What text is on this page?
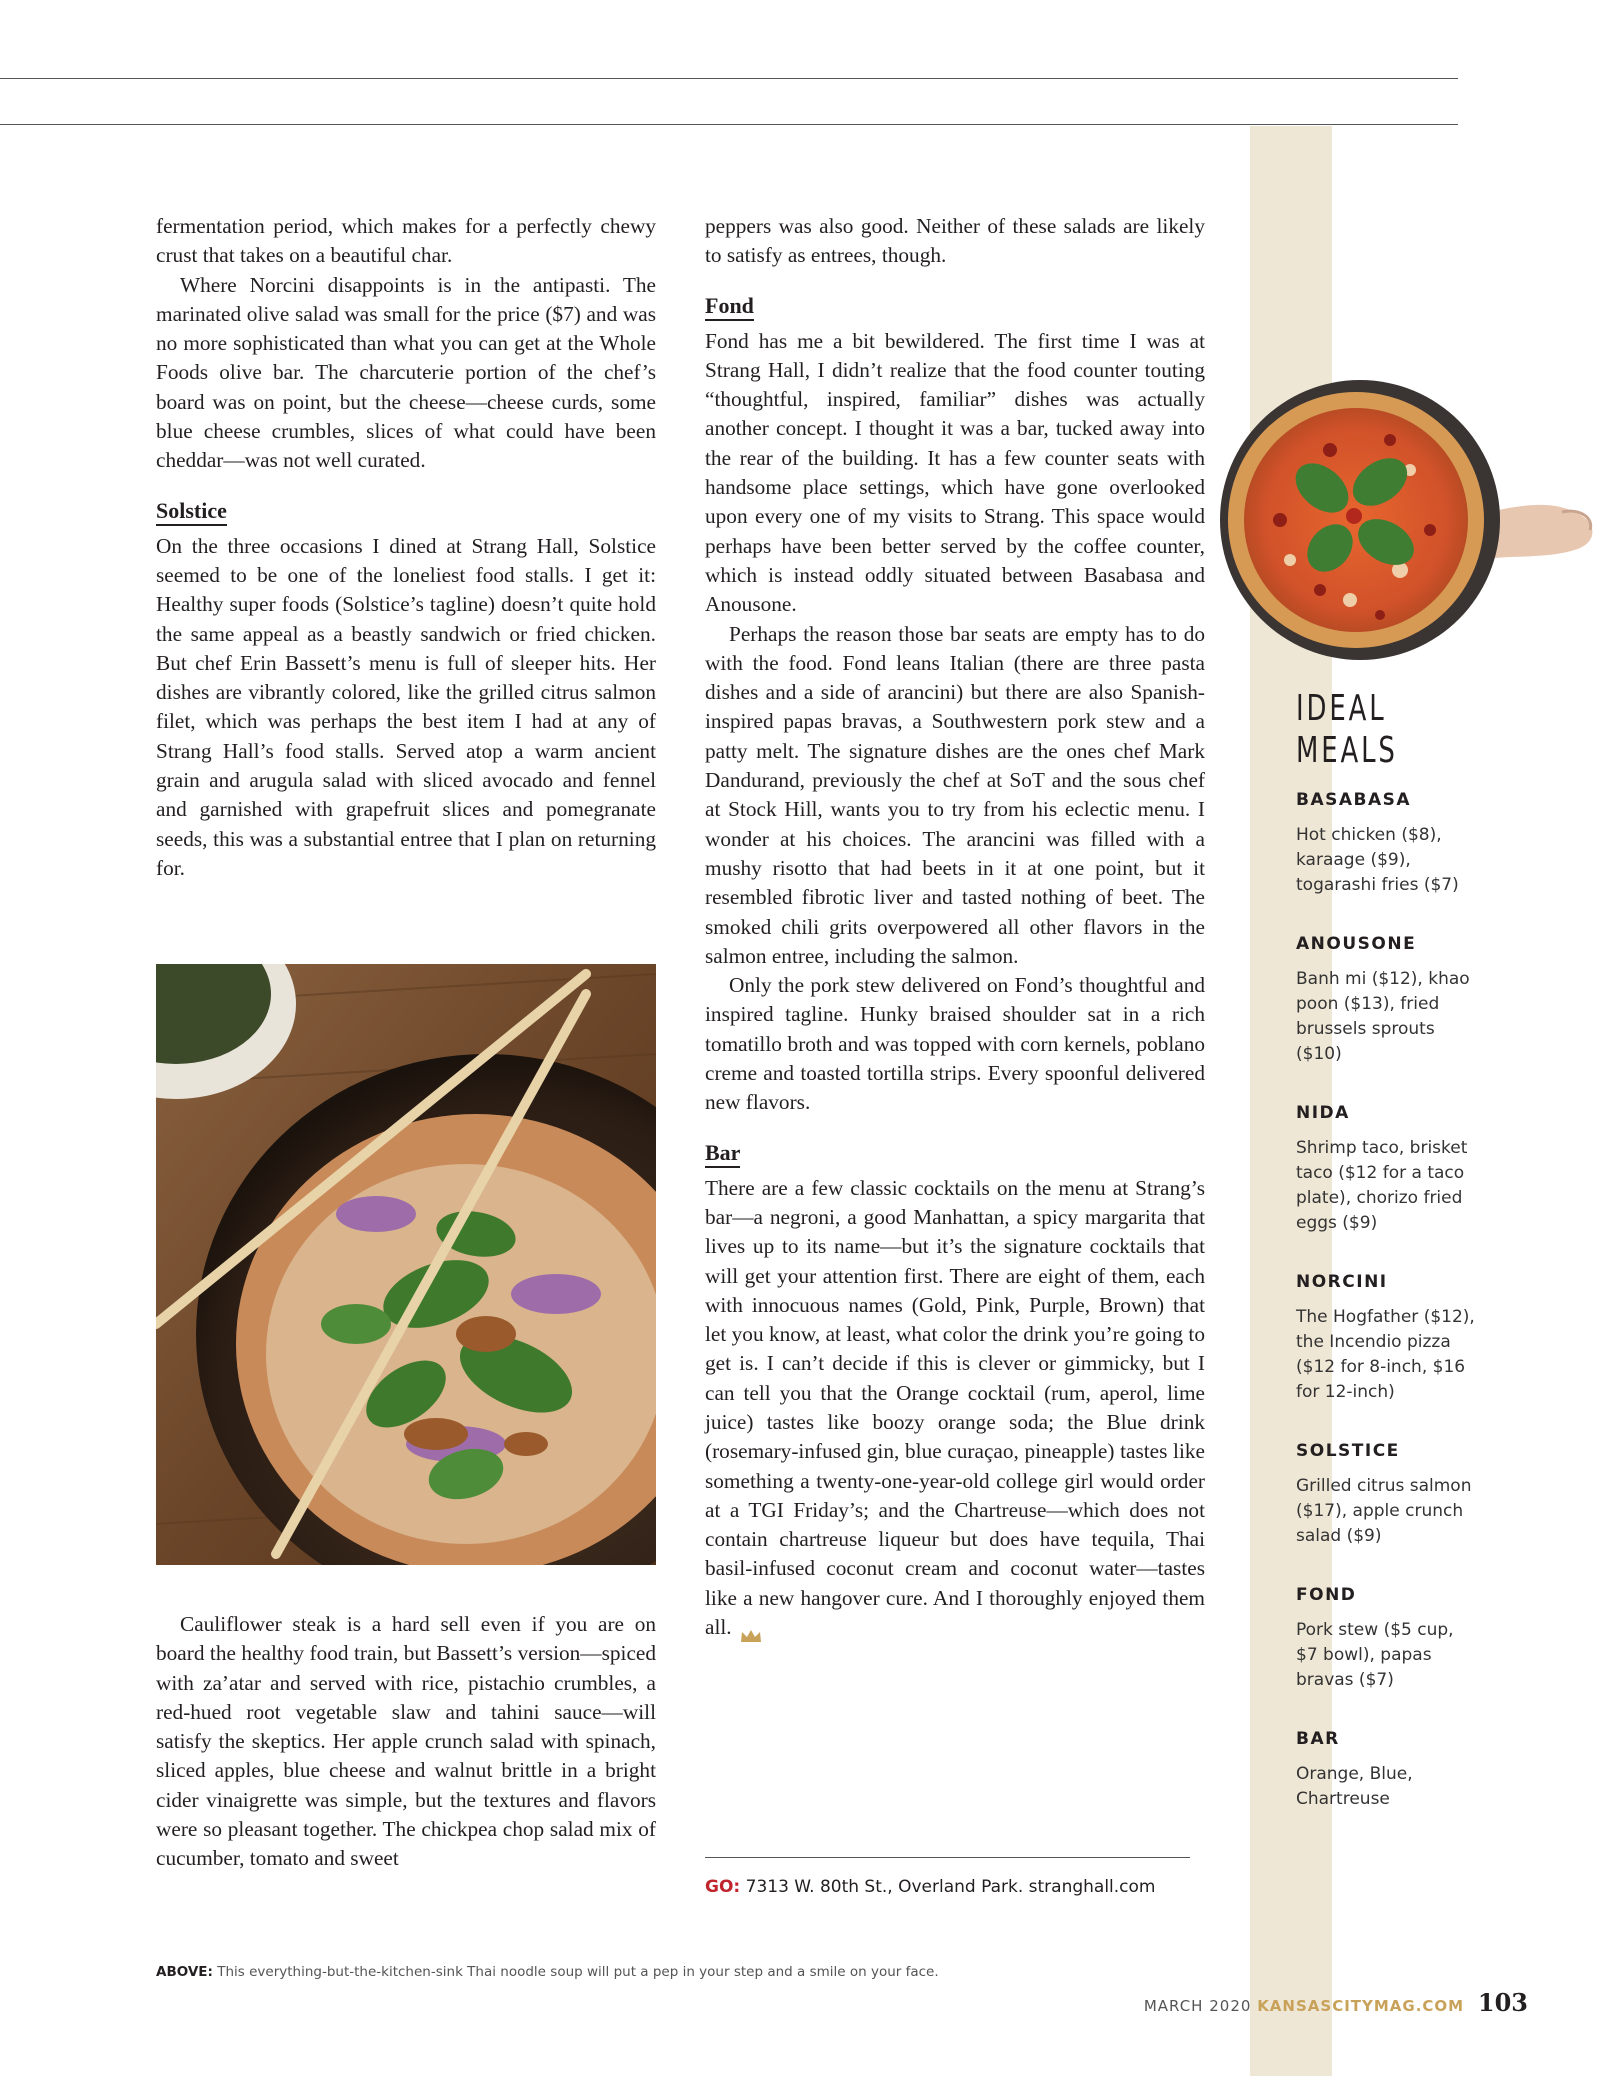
fermentation period, which makes for a perfectly chewy crust that takes on a beautiful char.

Where Norcini disappoints is in the antipasti. The marinated olive salad was small for the price ($7) and was no more sophisticated than what you can get at the Whole Foods olive bar. The charcuterie portion of the chef’s board was on point, but the cheese—cheese curds, some blue cheese crumbles, slices of what could have been cheddar—was not well curated.

Solstice

On the three occasions I dined at Strang Hall, Solstice seemed to be one of the loneliest food stalls. I get it: Healthy super foods (Solstice’s tagline) doesn’t quite hold the same appeal as a beastly sandwich or fried chicken. But chef Erin Bassett’s menu is full of sleeper hits. Her dishes are vibrantly colored, like the grilled citrus salmon filet, which was perhaps the best item I had at any of Strang Hall’s food stalls. Served atop a warm ancient grain and arugula salad with sliced avocado and fennel and garnished with grapefruit slices and pomegranate seeds, this was a substantial entree that I plan on returning for.

Cauliflower steak is a hard sell even if you are on board the healthy food train, but Bassett’s version—spiced with za’atar and served with rice, pistachio crumbles, a red-hued root vegetable slaw and tahini sauce—will satisfy the skeptics. Her apple crunch salad with spinach, sliced apples, blue cheese and walnut brittle in a bright cider vinaigrette was simple, but the textures and flavors were so pleasant together. The chickpea chop salad mix of cucumber, tomato and sweet

peppers was also good. Neither of these salads are likely to satisfy as entrees, though.

Fond

Fond has me a bit bewildered. The first time I was at Strang Hall, I didn’t realize that the food counter touting “thoughtful, inspired, familiar” dishes was actually another concept. I thought it was a bar, tucked away into the rear of the building. It has a few counter seats with handsome place settings, which have gone overlooked upon every one of my visits to Strang. This space would perhaps have been better served by the coffee counter, which is instead oddly situated between Basabasa and Anousone.

Perhaps the reason those bar seats are empty has to do with the food. Fond leans Italian (there are three pasta dishes and a side of arancini) but there are also Spanish-inspired papas bravas, a Southwestern pork stew and a patty melt. The signature dishes are the ones chef Mark Dandurand, previously the chef at SoT and the sous chef at Stock Hill, wants you to try from his eclectic menu. I wonder at his choices. The arancini was filled with a mushy risotto that had beets in it at one point, but it resembled fibrotic liver and tasted nothing of beet. The smoked chili grits overpowered all other flavors in the salmon entree, including the salmon.

Only the pork stew delivered on Fond’s thoughtful and inspired tagline. Hunky braised shoulder sat in a rich tomatillo broth and was topped with corn kernels, poblano creme and toasted tortilla strips. Every spoonful delivered new flavors.

Bar

There are a few classic cocktails on the menu at Strang’s bar—a negroni, a good Manhattan, a spicy margarita that lives up to its name—but it’s the signature cocktails that will get your attention first. There are eight of them, each with innocuous names (Gold, Pink, Purple, Brown) that let you know, at least, what color the drink you’re going to get is. I can’t decide if this is clever or gimmicky, but I can tell you that the Orange cocktail (rum, aperol, lime juice) tastes like boozy orange soda; the Blue drink (rosemary-infused gin, blue curaçao, pineapple) tastes like something a twenty-one-year-old college girl would order at a TGI Friday’s; and the Chartreuse—which does not contain chartreuse liqueur but does have tequila, Thai basil-infused coconut cream and coconut water—tastes like a new hangover cure. And I thoroughly enjoyed them all.

GO: 7313 W. 80th St., Overland Park. stranghall.com
IDEAL
MEALS
BASABASA
Hot chicken ($8), karaage ($9), togarashi fries ($7)
ANOUSONE
Banh mi ($12), khao poon ($13), fried brussels sprouts ($10)
NIDA
Shrimp taco, brisket taco ($12 for a taco plate), chorizo fried eggs ($9)
NORCINI
The Hogfather ($12), the Incendio pizza ($12 for 8-inch, $16 for 12-inch)
SOLSTICE
Grilled citrus salmon ($17), apple crunch salad ($9)
FOND
Pork stew ($5 cup, $7 bowl), papas bravas ($7)
BAR
Orange, Blue, Chartreuse
ABOVE: This everything-but-the-kitchen-sink Thai noodle soup will put a pep in your step and a smile on your face.
MARCH 2020 KANSASCITYMAG.COM 103
